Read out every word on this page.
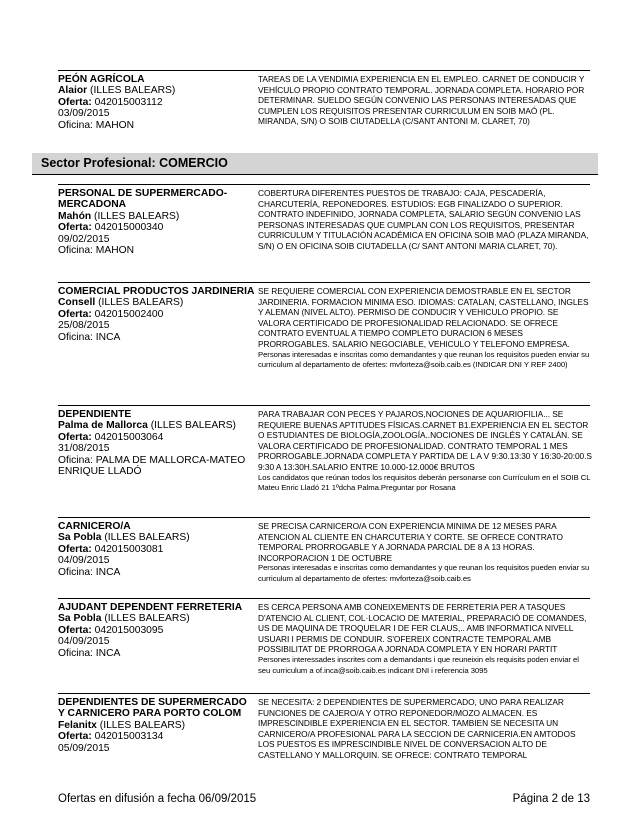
PEÓN AGRÍCOLA
Alaior (ILLES BALEARS)
Oferta: 042015003112
03/09/2015
Oficina: MAHON
TAREAS DE LA VENDIMIA EXPERIENCIA EN EL EMPLEO. CARNET DE CONDUCIR Y VEHÍCULO PROPIO CONTRATO TEMPORAL. JORNADA COMPLETA. HORARIO POR DETERMINAR. SUELDO SEGÚN CONVENIO LAS PERSONAS INTERESADAS QUE CUMPLEN LOS REQUISITOS PRESENTAR CURRICULUM EN SOIB MAÓ (PL. MIRANDA, S/N) O SOIB CIUTADELLA (C/SANT ANTONI M. CLARET, 70)
Sector Profesional: COMERCIO
PERSONAL DE SUPERMERCADO-MERCADONA
Mahón (ILLES BALEARS)
Oferta: 042015000340
09/02/2015
Oficina: MAHON
COBERTURA DIFERENTES PUESTOS DE TRABAJO: CAJA, PESCADERÍA, CHARCUTERÍA, REPONEDORES. ESTUDIOS: EGB FINALIZADO O SUPERIOR. CONTRATO INDEFINIDO, JORNADA COMPLETA, SALARIO SEGÚN CONVENIO LAS PERSONAS INTERESADAS QUE CUMPLAN CON LOS REQUISITOS, PRESENTAR CURRICULUM Y TITULACIÓN ACADÉMICA EN OFICINA SOIB MAÓ (PLAZA MIRANDA, S/N) O EN OFICINA SOIB CIUTADELLA (C/ SANT ANTONI MARIA CLARET, 70).
COMERCIAL PRODUCTOS JARDINERIA
Consell (ILLES BALEARS)
Oferta: 042015002400
25/08/2015
Oficina: INCA
SE REQUIERE COMERCIAL CON EXPERIENCIA DEMOSTRABLE EN EL SECTOR JARDINERIA. FORMACION MINIMA ESO. IDIOMAS: CATALAN, CASTELLANO, INGLES Y ALEMAN (NIVEL ALTO). PERMISO DE CONDUCIR Y VEHICULO PROPIO. SE VALORA CERTIFICADO DE PROFESIONALIDAD RELACIONADO. SE OFRECE CONTRATO EVENTUAL A TIEMPO COMPLETO DURACION 6 MESES PRORROGABLES. SALARIO NEGOCIABLE, VEHICULO Y TELEFONO EMPRESA.
Personas interesadas e inscritas como demandantes y que reunan los requisitos pueden enviar su curriculum al departamento de ofertes: mvforteza@soib.caib.es (INDICAR DNI Y REF 2400)
DEPENDIENTE
Palma de Mallorca (ILLES BALEARS)
Oferta: 042015003064
31/08/2015
Oficina: PALMA DE MALLORCA-MATEO ENRIQUE LLADÓ
PARA TRABAJAR CON PECES Y PAJAROS,NOCIONES DE AQUARIOFILIA... SE REQUIERE BUENAS APTITUDES FÍSICAS.CARNET B1.EXPERIENCIA EN EL SECTOR O ESTUDIANTES DE BIOLOGÍA,ZOOLOGÍA..NOCIONES DE INGLÉS Y CATALÁN. SE VALORA CERTIFICADO DE PROFESIONALIDAD. CONTRATO TEMPORAL 1 MES PRORROGABLE.JORNADA COMPLETA Y PARTIDA DE L A V 9:30.13:30 Y 16:30-20:00.S 9:30 A 13:30H.SALARIO ENTRE 10.000-12.000€ BRUTOS
Los candidatos que reúnan todos los requisitos deberán personarse con Currículum en el SOIB CL Mateu Enric Lladó 21 1ºdcha Palma.Preguntar por Rosana
CARNICERO/A
Sa Pobla (ILLES BALEARS)
Oferta: 042015003081
04/09/2015
Oficina: INCA
SE PRECISA CARNICERO/A CON EXPERIENCIA MINIMA DE 12 MESES PARA ATENCION AL CLIENTE EN CHARCUTERIA Y CORTE. SE OFRECE CONTRATO TEMPORAL PRORROGABLE Y A JORNADA PARCIAL DE 8 A 13 HORAS. INCORPORACION 1 DE OCTUBRE
Personas interesadas e inscritas como demandantes y que reunan los requisitos pueden enviar su curriculum al departamento de ofertes: mvforteza@soib.caib.es
AJUDANT DEPENDENT FERRETERIA
Sa Pobla (ILLES BALEARS)
Oferta: 042015003095
04/09/2015
Oficina: INCA
ES CERCA PERSONA AMB CONEIXEMENTS DE FERRETERIA PER A TASQUES D'ATENCIO AL CLIENT, COL·LOCACIO DE MATERIAL, PREPARACIÓ DE COMANDES, US DE MAQUINA DE TROQUELAR I DE FER CLAUS,.. AMB INFORMATICA NIVELL USUARI I PERMIS DE CONDUIR. S'OFEREIX CONTRACTE TEMPORAL AMB POSSIBILITAT DE PRORROGA A JORNADA COMPLETA Y EN HORARI PARTIT
Persones interessades inscrites com a demandants i que reuneixin els requisits poden enviar el seu curriculum a of.inca@soib.caib.es indicant DNI i referencia 3095
DEPENDIENTES DE SUPERMERCADO Y CARNICERO PARA PORTO COLOM
Felanitx (ILLES BALEARS)
Oferta: 042015003134
05/09/2015
SE NECESITA: 2 DEPENDIENTES DE SUPERMERCADO, UNO PARA REALIZAR FUNCIONES DE CAJERO/A Y OTRO REPONEDOR/MOZO ALMACEN. ES IMPRESCINDIBLE EXPERIENCIA EN EL SECTOR. TAMBIEN SE NECESITA UN CARNICERO/A PROFESIONAL PARA LA SECCION DE CARNICERIA.EN AMTODOS LOS PUESTOS ES IMPRESCINDIBLE NIVEL DE CONVERSACION ALTO DE CASTELLANO Y MALLORQUIN. SE OFRECE: CONTRATO TEMPORAL
Ofertas en difusión a fecha 06/09/2015	Página 2 de 13
